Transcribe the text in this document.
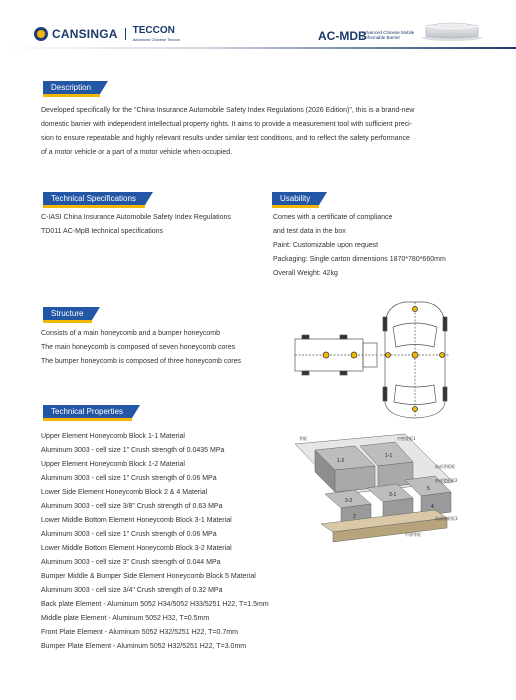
CANSINGA TECCON
Advanced Chinese Teccon	AC-MDB
Advanced Chinese Mobile
Deformable Barrier
Description
Developed specifically for the "China Insurance Automobile Safety Index Regulations (2026 Edition)", this is a brand-new
domestic barrier with independent intellectual property rights. It aims to provide a measurement tool with sufficient preci-
sion to ensure repeatable and highly relevant results under similar test conditions, and to reflect the safety performance
of a motor vehicle or a part of a motor vehicle when occupied.
Technical Specifications
C-IASI China Insurance Automobile Safety Index Regulations
TD011 AC-MpB technical specifications
Usability
Comes with a certificate of compliance
and test data in the box
Paint: Customizable upon request
Packaging: Single carton dimensions 1870*780*660mm
Overall Weight: 42kg
Structure
Consists of a main honeycomb and a bumper honeycomb
The main honeycomb is composed of seven honeycomb cores
The bumper honeycomb is composed of three honeycomb cores
Technical Properties
Upper Element Honeycomb Block 1-1 Material
Aluminum 3003 - cell size 1" Crush strength of 0.0435 MPa
Upper Element Honeycomb Block 1-2 Material
Aluminum 3003 - cell size 1" Crush strength of 0.06 MPa
Lower Side Element Honeycomb Block 2 & 4 Material
Aluminum 3003 - cell size 3/8" Crush strength of 0.63 MPa
Lower Middle Bottom Element Honeycomb Block 3-1 Material
Aluminum 3003 - cell size 1" Crush strength of 0.06 MPa
Lower Middle Bottom Element Honeycomb Block 3-2 Material
Aluminum 3003 - cell size 3" Crush strength of 0.044 MPa
Bumper Middle & Bumper Side Element Honeycomb Block 5 Material
Aluminum 3003 - cell size 3/4" Crush strength of 0.32 MPa
Back plate Element - Aluminum 5052 H34/5052 H33/5251 H22, T=1.5mm
Middle plate Element - Aluminum 5052 H32, T=0.5mm
Front Plate Element - Aluminum 5052 H32/5251 H22, T=0.7mm
Bumper Plate Element - Aluminum 5052 H32/5251 H22, T=3.0mm
1-2
1-1
3-2
3-1
2
5
4
背板	中密度板1
前部背板板
前部背板板2
前部背板板3
中部背板
